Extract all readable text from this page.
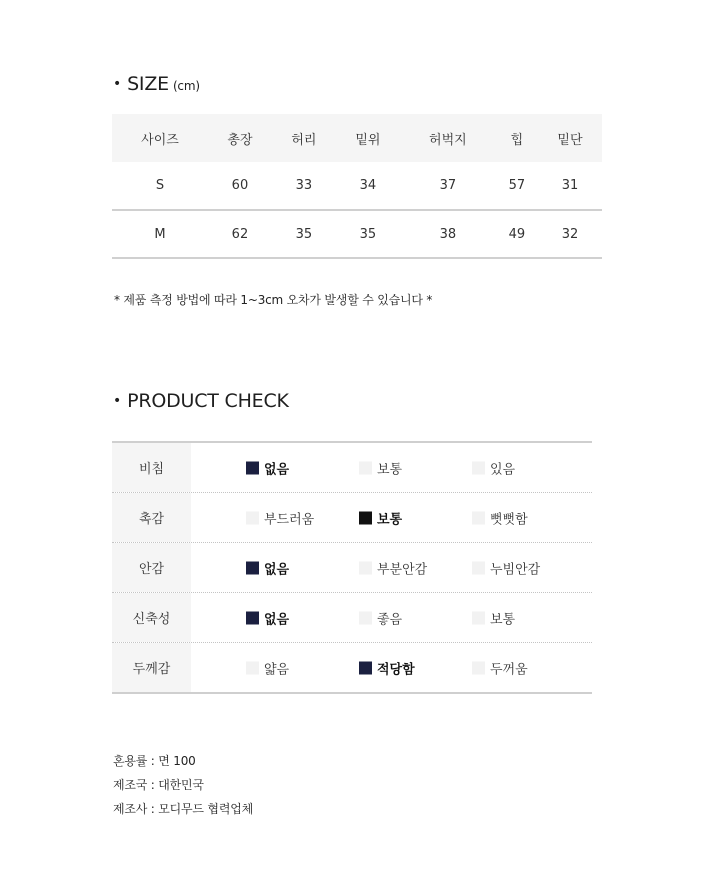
• SIZE (cm)
사이즈	총장	허리	밑위	허벅지	힙	밑단
S	60	33	34	37	57	31
M	62	35	35	38	49	32
* 제품 측정 방법에 따라 1~3cm 오차가 발생할 수 있습니다 *
• PRODUCT CHECK
비침	없음	보통	있음
촉감	부드러움	보통	뻣뻣함
안감	없음	부분안감	누빔안감
신축성	없음	좋음	보통
두께감	얇음	적당함	두꺼움
혼용률 : 면 100
제조국 : 대한민국
제조사 : 모디무드 협력업체
